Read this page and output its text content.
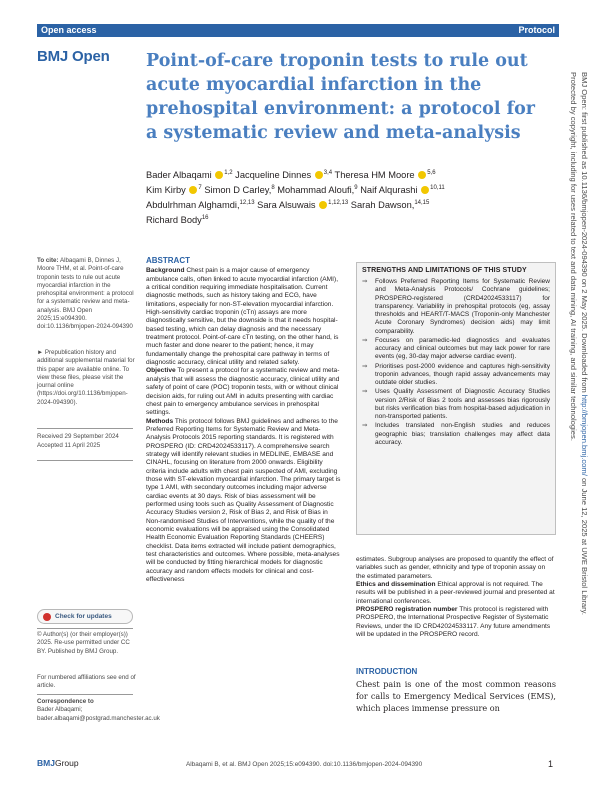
Open access	Protocol
BMJ Open Point-of-care troponin tests to rule out acute myocardial infarction in the prehospital environment: a protocol for a systematic review and meta-analysis
Bader Albaqami $^{1,2}$ Jacqueline Dinnes $^{3,4}$ Theresa HM Moore $^{5,6}$
Kim Kirby $^7$ Simon D Carley,$^8$ Mohammad Aloufi,$^9$ Naif Alqurashi $^{10,11}$
Abdulrhman Alghamdi,$^{12,13}$ Sara Alsuwais $^{1,12,13}$ Sarah Dawson,$^{14,15}$
Richard Body$^{16}$
To cite: Albaqami B, Dinnes J, Moore THM, et al. Point-of-care troponin tests to rule out acute myocardial infarction in the prehospital environment: a protocol for a systematic review and meta-analysis. BMJ Open 2025;15:e094390. doi:10.1136/bmjopen-2024-094390
► Prepublication history and additional supplemental material for this paper are available online. To view these files, please visit the journal online (https://doi.org/10.1136/bmjopen-2024-094390).
Received 29 September 2024
Accepted 11 April 2025
Check for updates
© Author(s) (or their employer(s)) 2025. Re-use permitted under CC BY. Published by BMJ Group.
For numbered affiliations see end of article.
Correspondence to
Bader Albaqami;
bader.albaqami@postgrad.manchester.ac.uk
ABSTRACT

Background Chest pain is a major cause of emergency ambulance calls, often linked to acute myocardial infarction (AMI), a critical condition requiring immediate hospitalisation. Current diagnostic methods, such as history taking and ECG, have limitations, especially for non-ST-elevation myocardial infarction. High-sensitivity cardiac troponin (cTn) assays are more diagnostically sensitive, but the downside is that it needs hospital-based testing, which can delay diagnosis and the necessary treatment protocol. Point-of-care cTn testing, on the other hand, is much faster and done nearer to the patient; hence, it may fundamentally change the prehospital care pathway in terms of diagnostic accuracy, clinical utility and related safety.

Objective To present a protocol for a systematic review and meta-analysis that will assess the diagnostic accuracy, clinical utility and safety of point of care (POC) troponin tests, with or without clinical decision aids, for ruling out AMI in adults presenting with cardiac chest pain to emergency ambulance services in prehospital settings.

Methods This protocol follows BMJ guidelines and adheres to the Preferred Reporting Items for Systematic Review and Meta-Analysis Protocols 2015 reporting standards. It is registered with PROSPERO (ID: CRD42024533117). A comprehensive search strategy will identify relevant studies in MEDLINE, EMBASE and CINAHL, focusing on literature from 2000 onwards. Eligibility criteria include adults with chest pain suspected of AMI, excluding those with ST-elevation myocardial infarction. The primary target is type 1 AMI, with secondary outcomes including major adverse cardiac events at 30 days. Risk of bias assessment will be performed using tools such as Quality Assessment of Diagnostic Accuracy Studies version 2, Risk of Bias 2, and Risk of Bias in Non-randomised Studies of Interventions, while the quality of the economic evaluations will be appraised using the Consolidated Health Economic Evaluation Reporting Standards (CHEERS) checklist. Data items extracted will include patient demographics, test characteristics and outcomes. Where possible, meta-analyses will be conducted by fitting hierarchical models for diagnostic accuracy and random effects models for clinical and cost-effectiveness

STRENGTHS AND LIMITATIONS OF THIS STUDY
⇒ Follows Preferred Reporting Items for Systematic Review and Meta-Analysis Protocols/ Cochrane guidelines; PROSPERO-registered (CRD42024533117) for transparency. Variability in prehospital protocols (eg, assay thresholds and HEART/T-MACS (Troponin-only Manchester Acute Coronary Syndromes) decision aids) may limit comparability.
⇒ Focuses on paramedic-led diagnostics and evaluates accuracy and clinical outcomes but may lack power for rare events (eg, 30-day major adverse cardiac event).
⇒ Prioritises post-2000 evidence and captures high-sensitivity troponin advances, though rapid assay advancements may outdate older studies.
⇒ Uses Quality Assessment of Diagnostic Accuracy Studies version 2/Risk of Bias 2 tools and assesses bias rigorously but risks verification bias from hospital-based adjudication in non-transported patients.
⇒ Includes translated non-English studies and reduces geographic bias; translation challenges may affect data accuracy.

estimates. Subgroup analyses are proposed to quantify the effect of variables such as gender, ethnicity and type of troponin assay on the estimated parameters.

Ethics and dissemination Ethical approval is not required. The results will be published in a peer-reviewed journal and presented at international conferences.

PROSPERO registration number This protocol is registered with PROSPERO, the International Prospective Register of Systematic Reviews, under the ID CRD42024533117. Any future amendments will be updated in the PROSPERO record.

INTRODUCTION

Chest pain is one of the most common reasons for calls to Emergency Medical Services (EMS), which places immense pressure on

BMJGroup	Albaqami B, et al. BMJ Open 2025;15:e094390. doi:10.1136/bmjopen-2024-094390	1
BMJ Open: first published as 10.1136/bmjopen-2024-094390 on 2 May 2025. Downloaded from http://bmjopen.bmj.com/ on June 12, 2025 at UWE Bristol Library.
Protected by copyright, including for uses related to text and data mining, AI training, and similar technologies.
